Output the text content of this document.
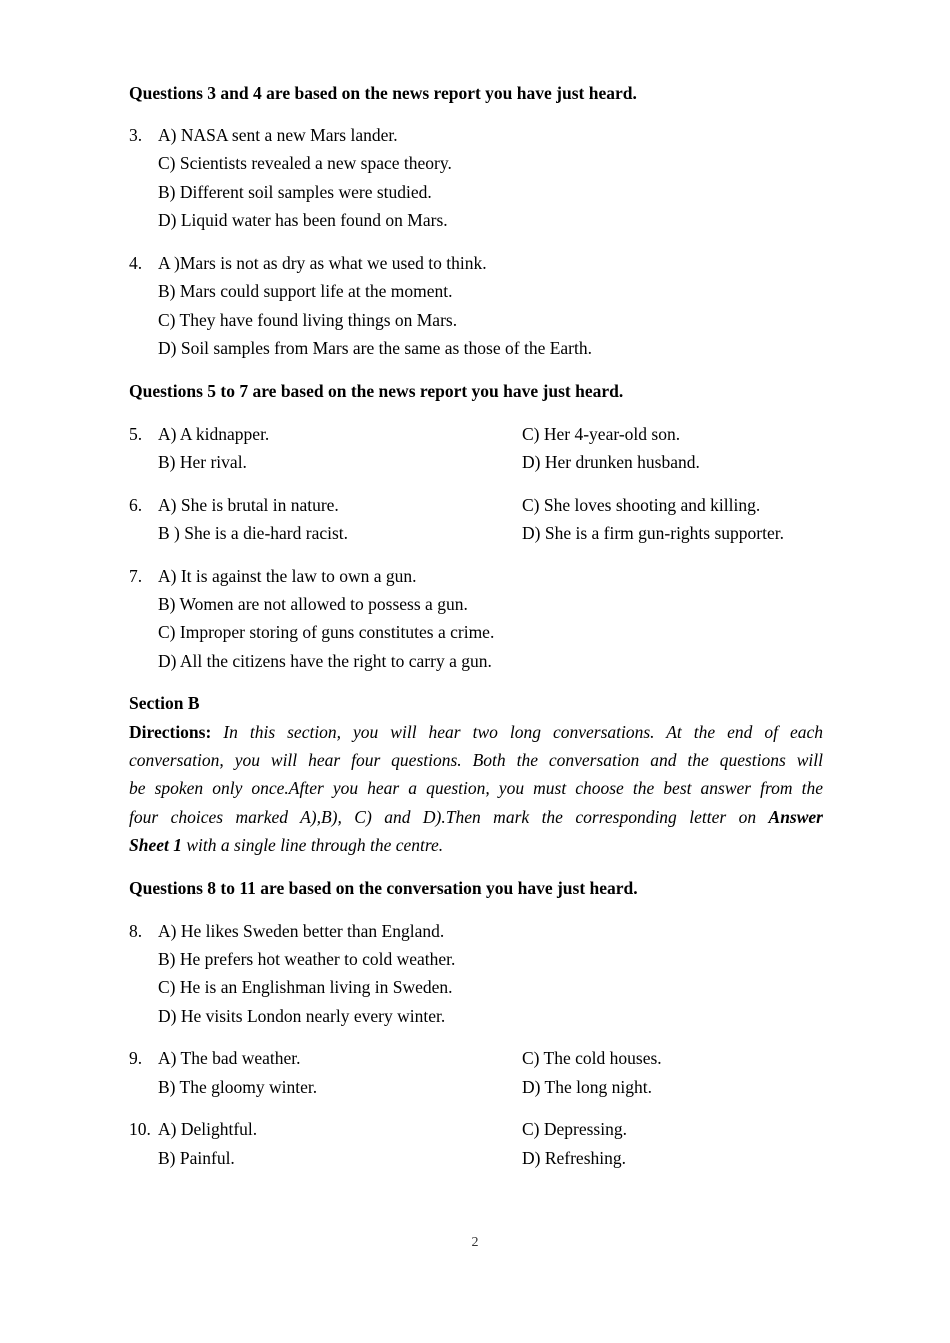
Questions 3 and 4 are based on the news report you have just heard.
3. A) NASA sent a new Mars lander.
C) Scientists revealed a new space theory.
B) Different soil samples were studied.
D) Liquid water has been found on Mars.
4. A )Mars is not as dry as what we used to think.
B) Mars could support life at the moment.
C) They have found living things on Mars.
D) Soil samples from Mars are the same as those of the Earth.
Questions 5 to 7 are based on the news report you have just heard.
5. A) A kidnapper.	C) Her 4-year-old son.
B) Her rival.	D) Her drunken husband.
6. A) She is brutal in nature.	C) She loves shooting and killing.
B ) She is a die-hard racist.	D) She is a firm gun-rights supporter.
7. A) It is against the law to own a gun.
B) Women are not allowed to possess a gun.
C) Improper storing of guns constitutes a crime.
D) All the citizens have the right to carry a gun.
Section B
Directions: In this section, you will hear two long conversations. At the end of each
conversation, you will hear four questions. Both the conversation and the questions will
be spoken only once.After you hear a question, you must choose the best answer from the
four choices marked A),B), C) and D).Then mark the corresponding letter on Answer
Sheet 1 with a single line through the centre.
Questions 8 to 11 are based on the conversation you have just heard.
8. A) He likes Sweden better than England.
B) He prefers hot weather to cold weather.
C) He is an Englishman living in Sweden.
D) He visits London nearly every winter.
9. A) The bad weather.	C) The cold houses.
B) The gloomy winter.	D) The long night.
10. A) Delightful.	C) Depressing.
B) Painful.	D) Refreshing.
2
